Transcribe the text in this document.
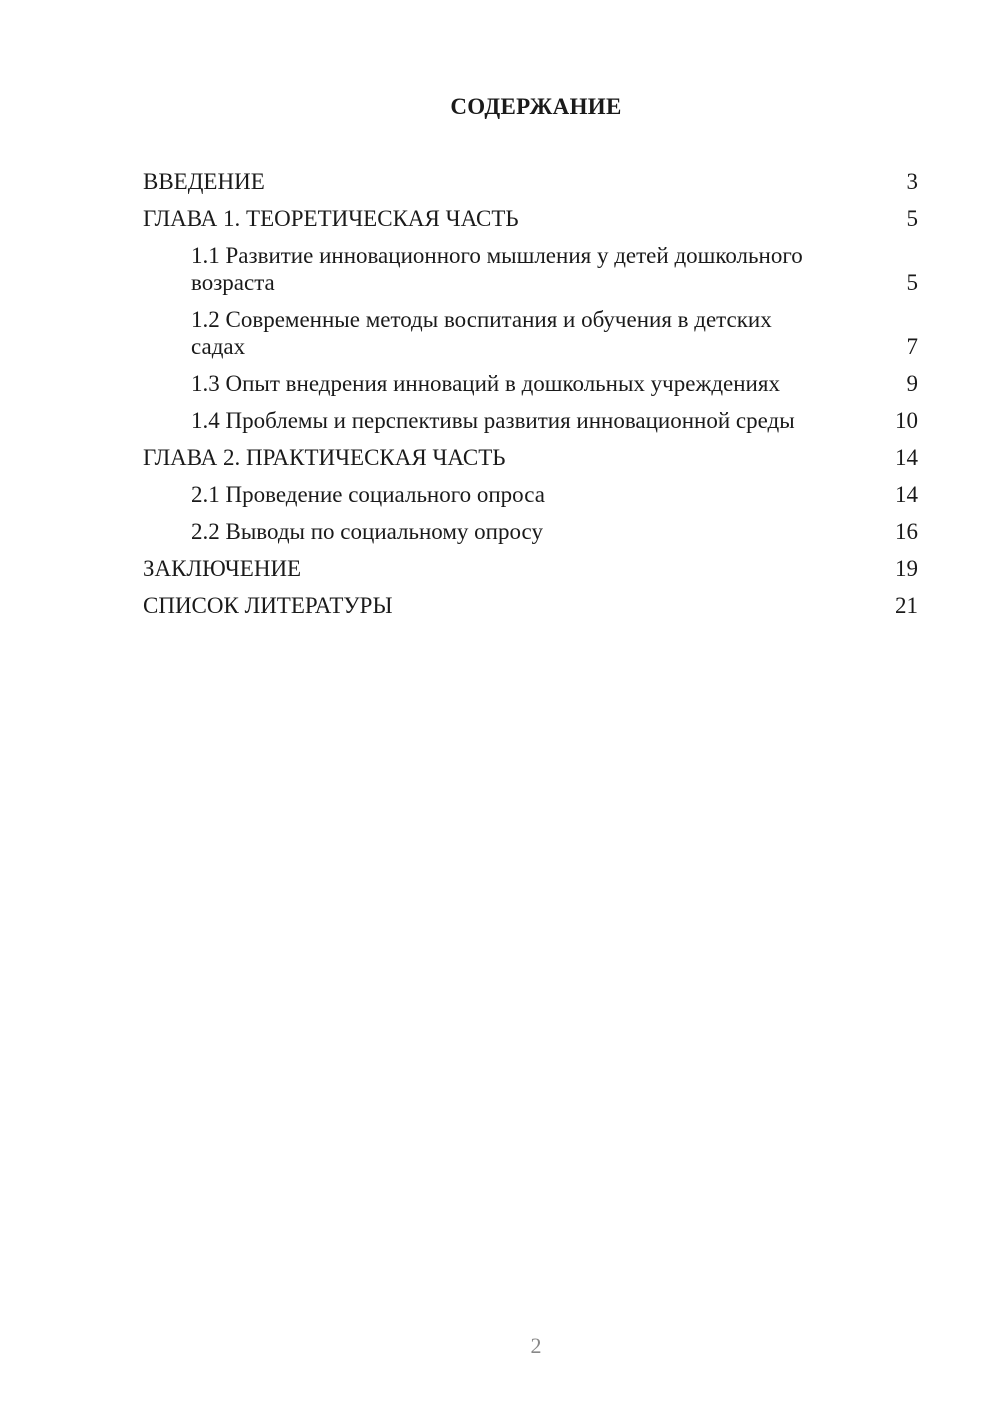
СОДЕРЖАНИЕ
ВВЕДЕНИЕ	3
ГЛАВА 1. ТЕОРЕТИЧЕСКАЯ ЧАСТЬ	5
1.1 Развитие инновационного мышления у детей дошкольного возраста	5
1.2 Современные методы воспитания и обучения в детских садах	7
1.3 Опыт внедрения инноваций в дошкольных учреждениях	9
1.4 Проблемы и перспективы развития инновационной среды	10
ГЛАВА 2. ПРАКТИЧЕСКАЯ ЧАСТЬ	14
2.1 Проведение социального опроса	14
2.2 Выводы по социальному опросу	16
ЗАКЛЮЧЕНИЕ	19
СПИСОК ЛИТЕРАТУРЫ	21
2
